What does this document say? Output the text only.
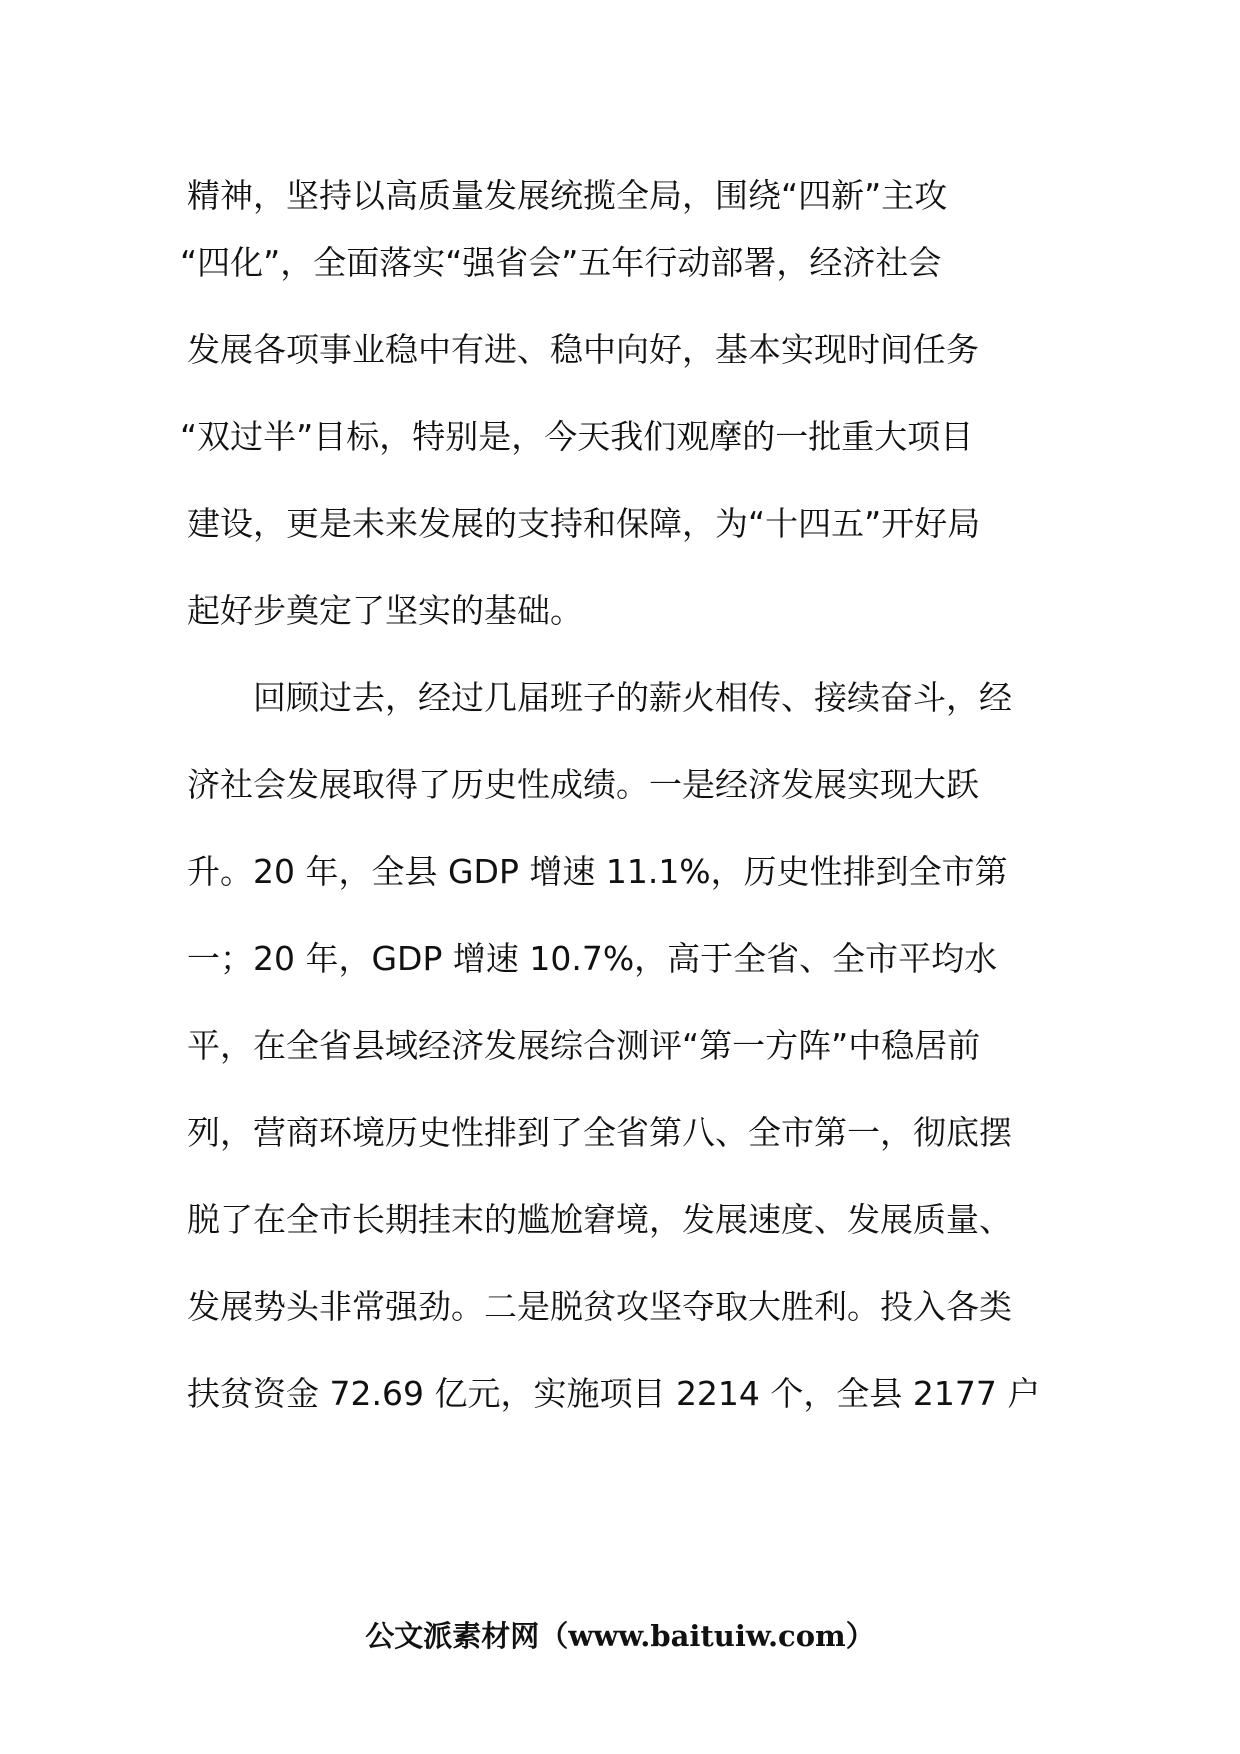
精神，坚持以高质量发展统揽全局，围绕“四新”主攻
“四化”，全面落实“强省会”五年行动部署，经济社会
发展各项事业稳中有进、稳中向好，基本实现时间任务
“双过半”目标，特别是，今天我们观摩的一批重大项目
建设，更是未来发展的支持和保障，为“十四五”开好局
起好步奠定了坚实的基础。
回顾过去，经过几届班子的薪火相传、接续奋斗，经
济社会发展取得了历史性成绩。一是经济发展实现大跃
升。20 年，全县 GDP 增速 11.1%，历史性排到全市第
一；20 年，GDP 增速 10.7%，高于全省、全市平均水
平，在全省县域经济发展综合测评“第一方阵”中稳居前
列，营商环境历史性排到了全省第八、全市第一，彻底摆
脱了在全市长期挂末的尴尬窘境，发展速度、发展质量、
发展势头非常强劲。二是脱贫攻坚夺取大胜利。投入各类
扶贫资金 72.69 亿元，实施项目 2214 个，全县 2177 户
公文派素材网（www.baituiw.com）
